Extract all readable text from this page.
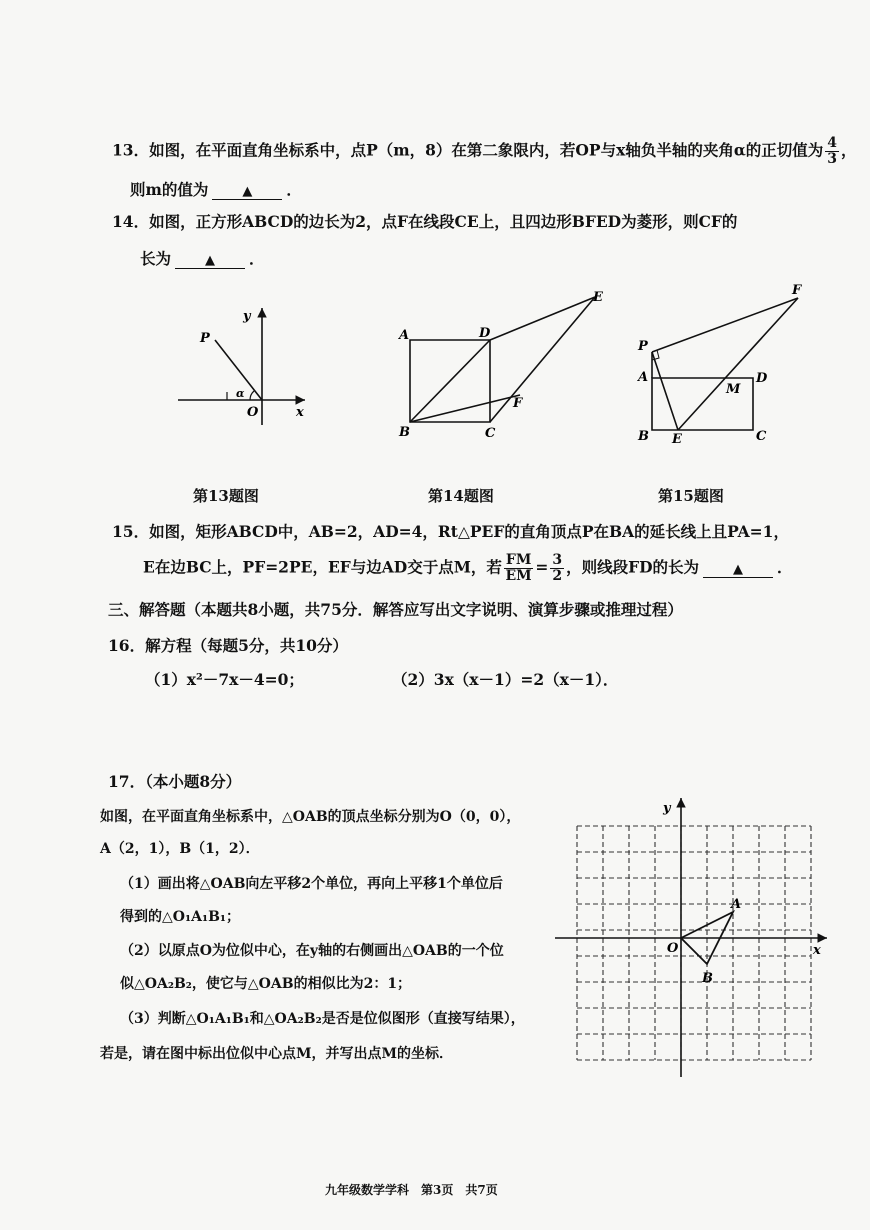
13．如图，在平面直角坐标系中，点P（m，8）在第二象限内，若OP与x轴负半轴的夹角α的正切值为 $\frac{4}{3}$ ，
则m的值为	▲ ．
14．如图，正方形ABCD的边长为2，点F在线段CE上，且四边形BFED为菱形，则CF的
长为	▲ ．
P
y
x
O
α
A	D
B	C
E
F
P
A
B	C
D
E
F
M
第13题图	第14题图	第15题图
15．如图，矩形ABCD中，AB=2，AD=4，Rt△PEF的直角顶点P在BA的延长线上且PA=1，
E在边BC上，PF=2PE，EF与边AD交于点M，若 $\frac{FM}{EM} = \frac{3}{2}$ ，则线段FD的长为	▲ ．
三、解答题（本题共8小题，共75分．解答应写出文字说明、演算步骤或推理过程）
16．解方程（每题5分，共10分）
（1）x²－7x－4=0；	（2）3x（x－1）=2（x－1）．
17．（本小题8分）
如图，在平面直角坐标系中，△OAB的顶点坐标分别为O（0，0），
A（2，1），B（1，2）．
（1）画出将△OAB向左平移2个单位，再向上平移1个单位后
得到的△O₁A₁B₁；
（2）以原点O为位似中心，在y轴的右侧画出△OAB的一个位
似△OA₂B₂，使它与△OAB的相似比为2：1；
（3）判断△O₁A₁B₁和△OA₂B₂是否是位似图形（直接写结果），
若是，请在图中标出位似中心点M，并写出点M的坐标．
y
x
O
A
B
九年级数学学科　第3页　共7页
